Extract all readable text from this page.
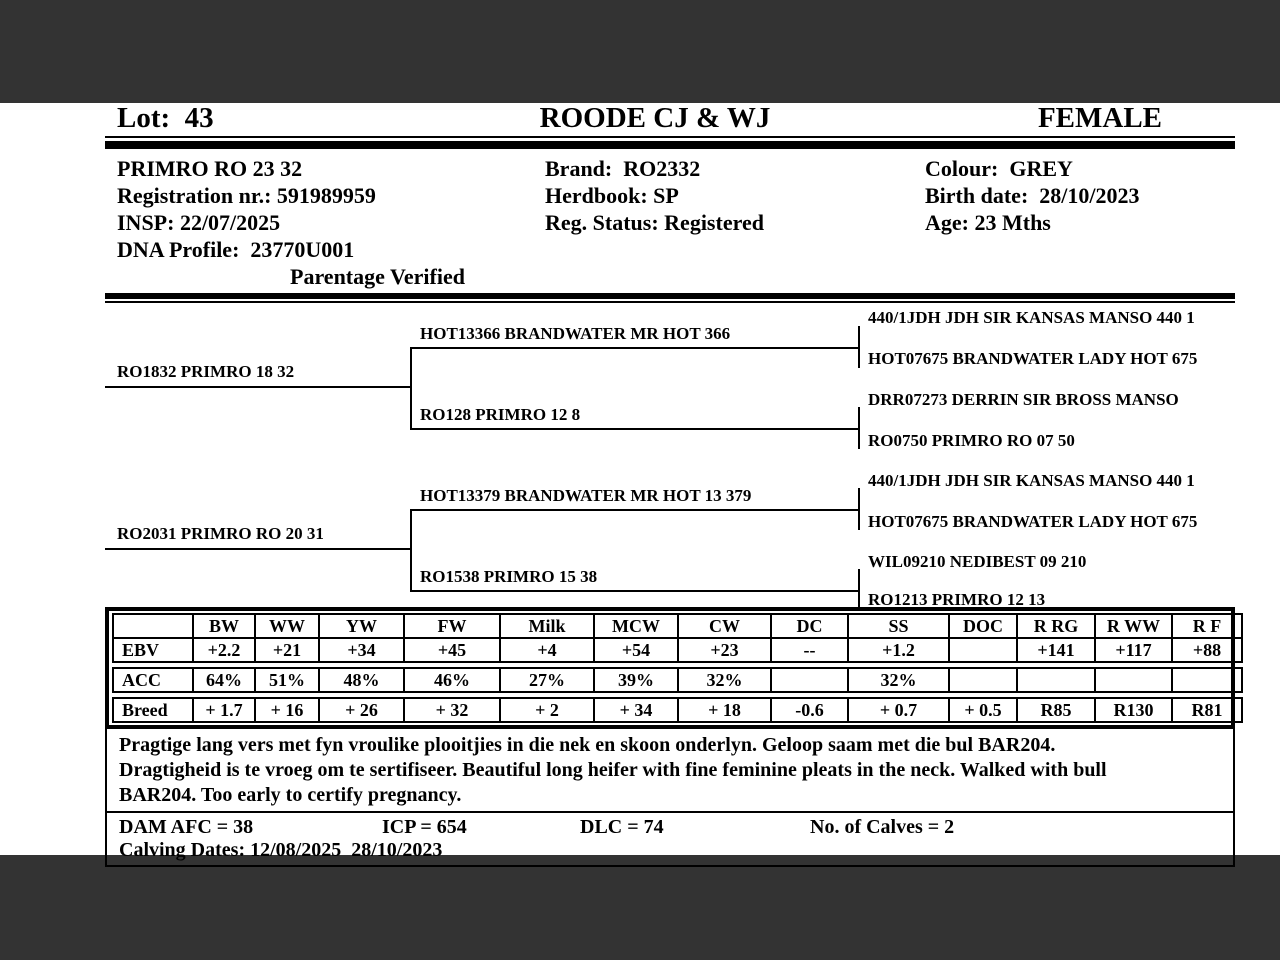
Lot:  43	ROODE CJ & WJ	FEMALE
PRIMRO RO 23 32
Registration nr.: 591989959
INSP: 22/07/2025
DNA Profile:  23770U001
Parentage Verified
Brand:  RO2332
Herdbook: SP
Reg. Status: Registered
Colour:  GREY
Birth date:  28/10/2023
Age: 23 Mths
RO1832 PRIMRO 18 32
RO2031 PRIMRO RO 20 31
HOT13366 BRANDWATER MR HOT 366
RO128 PRIMRO 12 8
HOT13379 BRANDWATER MR HOT 13 379
RO1538 PRIMRO 15 38
440/1JDH JDH SIR KANSAS MANSO 440 1
HOT07675 BRANDWATER LADY HOT 675
DRR07273 DERRIN SIR BROSS MANSO
RO0750 PRIMRO RO 07 50
440/1JDH JDH SIR KANSAS MANSO 440 1
HOT07675 BRANDWATER LADY HOT 675
WIL09210 NEDIBEST 09 210
RO1213 PRIMRO 12 13
	BW	WW	YW	FW	Milk	MCW	CW	DC	SS	DOC	R RG	R WW	R F
EBV	+2.2	+21	+34	+45	+4	+54	+23	--	+1.2		+141	+117	+88
ACC	64%	51%	48%	46%	27%	39%	32%		32%				
Breed	+ 1.7	+ 16	+ 26	+ 32	+ 2	+ 34	+ 18	-0.6	+ 0.7	+ 0.5	R85	R130	R81
Pragtige lang vers met fyn vroulike plooitjies in die nek en skoon onderlyn. Geloop saam met die bul BAR204.
Dragtigheid is te vroeg om te sertifiseer. Beautiful long heifer with fine feminine pleats in the neck. Walked with bull
BAR204. Too early to certify pregnancy.
DAM AFC = 38	ICP = 654	DLC = 74	No. of Calves = 2
Calving Dates: 12/08/2025  28/10/2023
